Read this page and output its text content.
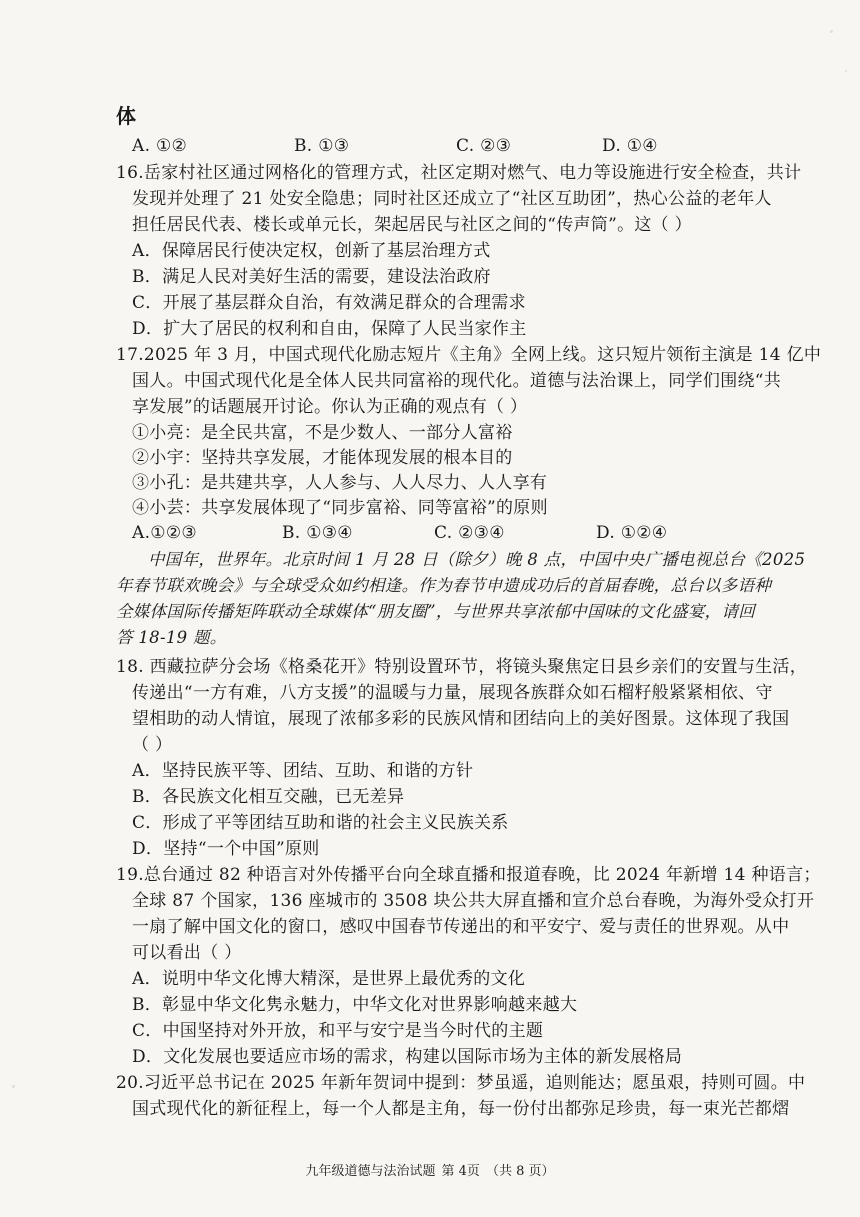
体
A. ①②	B. ①③	C. ②③	D. ①④
16.岳家村社区通过网格化的管理方式，社区定期对燃气、电力等设施进行安全检查，共计
发现并处理了 21 处安全隐患；同时社区还成立了“社区互助团”，热心公益的老年人
担任居民代表、楼长或单元长，架起居民与社区之间的“传声筒”。这（ ）
A．保障居民行使决定权，创新了基层治理方式
B．满足人民对美好生活的需要，建设法治政府
C．开展了基层群众自治，有效满足群众的合理需求
D．扩大了居民的权利和自由，保障了人民当家作主
17.2025 年 3 月，中国式现代化励志短片《主角》全网上线。这只短片领衔主演是 14 亿中
国人。中国式现代化是全体人民共同富裕的现代化。道德与法治课上，同学们围绕“共
享发展”的话题展开讨论。你认为正确的观点有（ ）
①小亮：是全民共富，不是少数人、一部分人富裕
②小宇：坚持共享发展，才能体现发展的根本目的
③小孔：是共建共享，人人参与、人人尽力、人人享有
④小芸：共享发展体现了“同步富裕、同等富裕”的原则
A.①②③	B. ①③④	C. ②③④	D. ①②④
中国年，世界年。北京时间 1 月 28 日（除夕）晚 8 点，中国中央广播电视总台《2025
年春节联欢晚会》与全球受众如约相逢。作为春节申遗成功后的首届春晚，总台以多语种
全媒体国际传播矩阵联动全球媒体“朋友圈”，与世界共享浓郁中国味的文化盛宴，请回
答 18-19 题。
18. 西藏拉萨分会场《格桑花开》特别设置环节，将镜头聚焦定日县乡亲们的安置与生活，
传递出“一方有难，八方支援”的温暖与力量，展现各族群众如石榴籽般紧紧相依、守
望相助的动人情谊，展现了浓郁多彩的民族风情和团结向上的美好图景。这体现了我国
（ ）
A．坚持民族平等、团结、互助、和谐的方针
B．各民族文化相互交融，已无差异
C．形成了平等团结互助和谐的社会主义民族关系
D．坚持“一个中国”原则
19.总台通过 82 种语言对外传播平台向全球直播和报道春晚，比 2024 年新增 14 种语言；
全球 87 个国家，136 座城市的 3508 块公共大屏直播和宣介总台春晚，为海外受众打开
一扇了解中国文化的窗口，感叹中国春节传递出的和平安宁、爱与责任的世界观。从中
可以看出（ ）
A．说明中华文化博大精深，是世界上最优秀的文化
B．彰显中华文化隽永魅力，中华文化对世界影响越来越大
C．中国坚持对外开放，和平与安宁是当今时代的主题
D．文化发展也要适应市场的需求，构建以国际市场为主体的新发展格局
20.习近平总书记在 2025 年新年贺词中提到：梦虽遥，追则能达；愿虽艰，持则可圆。中
国式现代化的新征程上，每一个人都是主角，每一份付出都弥足珍贵，每一束光芒都熠
九年级道德与法治试题 第 4页 （共 8 页）
